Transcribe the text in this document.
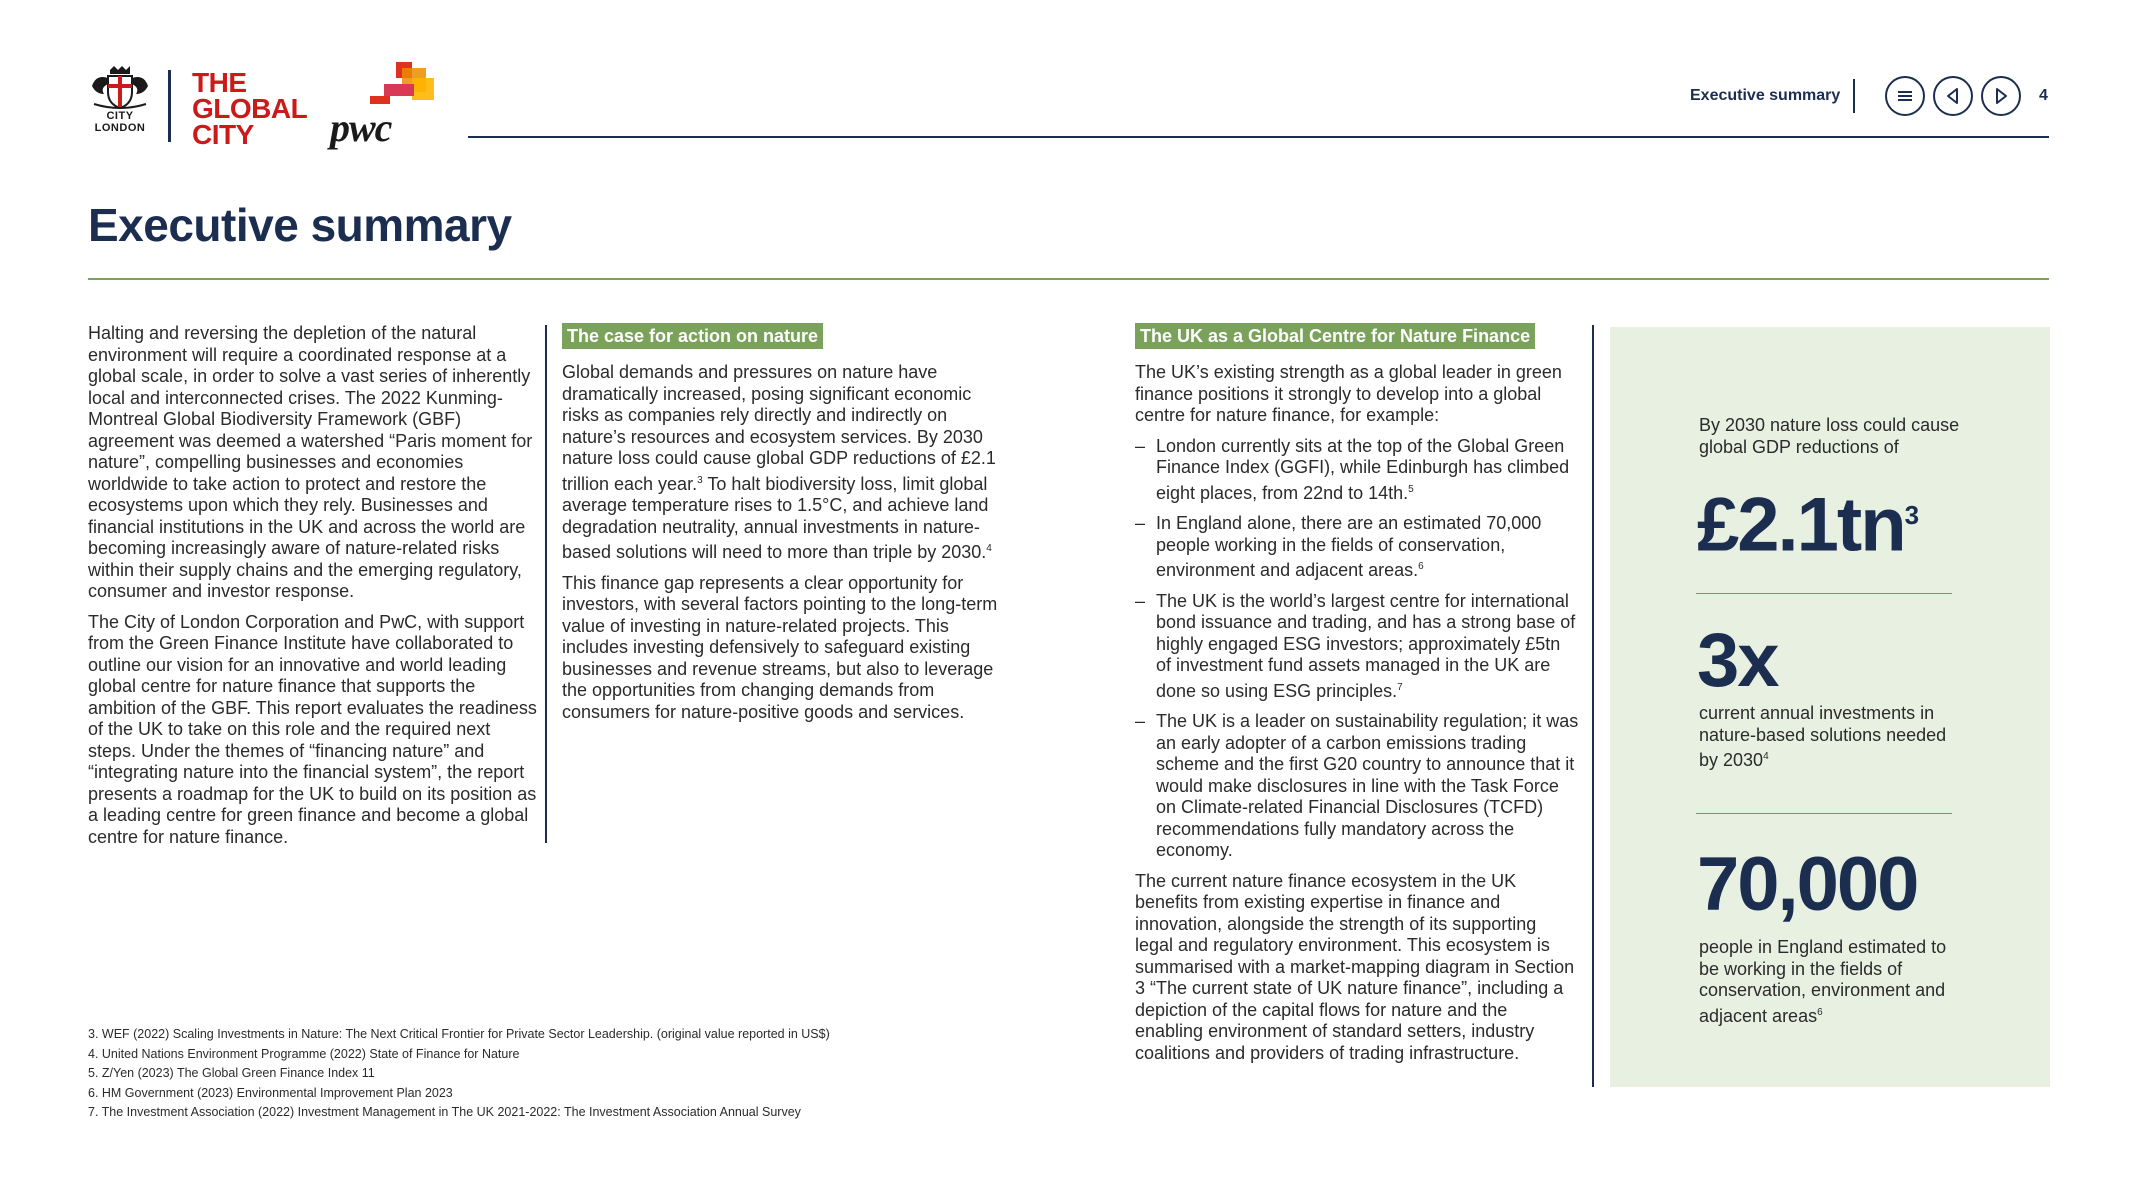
CITY
LONDON
THE
GLOBAL
CITY	pwc
Executive summary	4
Executive summary

Halting and reversing the depletion of the natural environment will require a coordinated response at a global scale, in order to solve a vast series of inherently local and interconnected crises. The 2022 Kunming-Montreal Global Biodiversity Framework (GBF) agreement was deemed a watershed “Paris moment for nature”, compelling businesses and economies worldwide to take action to protect and restore the ecosystems upon which they rely. Businesses and financial institutions in the UK and across the world are becoming increasingly aware of nature-related risks within their supply chains and the emerging regulatory, consumer and investor response.

The City of London Corporation and PwC, with support from the Green Finance Institute have collaborated to outline our vision for an innovative and world leading global centre for nature finance that supports the ambition of the GBF. This report evaluates the readiness of the UK to take on this role and the required next steps. Under the themes of “financing nature” and “integrating nature into the financial system”, the report presents a roadmap for the UK to build on its position as a leading centre for green finance and become a global centre for nature finance.

The case for action on nature

Global demands and pressures on nature have dramatically increased, posing significant economic risks as companies rely directly and indirectly on nature’s resources and ecosystem services. By 2030 nature loss could cause global GDP reductions of £2.1 trillion each year.$^3$ To halt biodiversity loss, limit global average temperature rises to 1.5°C, and achieve land degradation neutrality, annual investments in nature-based solutions will need to more than triple by 2030.$^4$

This finance gap represents a clear opportunity for investors, with several factors pointing to the long-term value of investing in nature-related projects. This includes investing defensively to safeguard existing businesses and revenue streams, but also to leverage the opportunities from changing demands from consumers for nature-positive goods and services.

The UK as a Global Centre for Nature Finance

The UK’s existing strength as a global leader in green finance positions it strongly to develop into a global centre for nature finance, for example:

– London currently sits at the top of the Global Green Finance Index (GGFI), while Edinburgh has climbed eight places, from 22nd to 14th.$^5$
– In England alone, there are an estimated 70,000 people working in the fields of conservation, environment and adjacent areas.$^6$
– The UK is the world’s largest centre for international bond issuance and trading, and has a strong base of highly engaged ESG investors; approximately £5tn of investment fund assets managed in the UK are done so using ESG principles.$^7$
– The UK is a leader on sustainability regulation; it was an early adopter of a carbon emissions trading scheme and the first G20 country to announce that it would make disclosures in line with the Task Force on Climate-related Financial Disclosures (TCFD) recommendations fully mandatory across the economy.

The current nature finance ecosystem in the UK benefits from existing expertise in finance and innovation, alongside the strength of its supporting legal and regulatory environment. This ecosystem is summarised with a market-mapping diagram in Section 3 “The current state of UK nature finance”, including a depiction of the capital flows for nature and the enabling environment of standard setters, industry coalitions and providers of trading infrastructure.

By 2030 nature loss could cause global GDP reductions of
$£2.1tn^3$
3x
current annual investments in nature-based solutions needed by 2030$^4$
70,000
people in England estimated to be working in the fields of conservation, environment and adjacent areas$^6$
3. WEF (2022) Scaling Investments in Nature: The Next Critical Frontier for Private Sector Leadership. (original value reported in US$)
4. United Nations Environment Programme (2022) State of Finance for Nature
5. Z/Yen (2023) The Global Green Finance Index 11
6. HM Government (2023) Environmental Improvement Plan 2023
7. The Investment Association (2022) Investment Management in The UK 2021-2022: The Investment Association Annual Survey
